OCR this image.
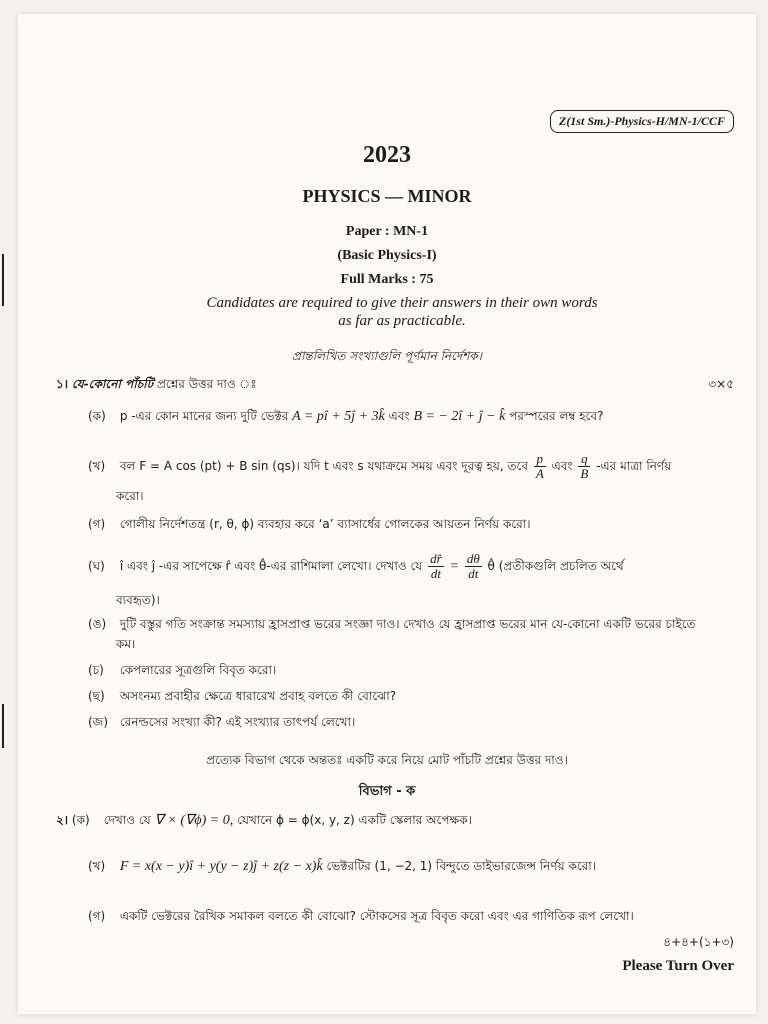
Z(1st Sm.)-Physics-H/MN-1/CCF
2023
PHYSICS — MINOR
Paper : MN-1
(Basic Physics-I)
Full Marks : 75
Candidates are required to give their answers in their own words
as far as practicable.
প্রান্তলিখিত সংখ্যাগুলি পূর্ণমান নির্দেশক।
১। যে-কোনো পাঁচটি প্রশ্নের উত্তর দাও ঃ	৩×৫
(ক) p -এর কোন মানের জন্য দুটি ভেক্টর A = pî + 5ĵ + 3k̂ এবং B = − 2î + ĵ − k̂ পরস্পরের লম্ব হবে?
(খ) বল F = A cos (pt) + B sin (qs)। যদি t এবং s যথাক্রমে সময় এবং দূরত্ব হয়, তবে $\frac{p}{A}$ এবং $\frac{q}{B}$ -এর মাত্রা নির্ণয়
করো।
(গ) গোলীয় নির্দেশতন্ত্র (r, θ, ϕ) ব্যবহার করে ‘a’ ব্যাসার্ধের গোলকের আয়তন নির্ণয় করো।
(ঘ) î এবং ĵ -এর সাপেক্ষে r̂ এবং θ̂-এর রাশিমালা লেখো। দেখাও যে $\frac{dr̂}{dt} = \frac{d\theta}{dt}$ θ̂ (প্রতীকগুলি প্রচলিত অর্থে
ব্যবহৃত)।
(ঙ) দুটি বস্তুর গতি সংক্রান্ত সমস্যায় হ্রাসপ্রাপ্ত ভরের সংজ্ঞা দাও। দেখাও যে হ্রাসপ্রাপ্ত ভরের মান যে-কোনো একটি ভরের চাইতে
কম।
(চ) কেপলারের সূত্রগুলি বিবৃত করো।
(ছ) অসংনম্য প্রবাহীর ক্ষেত্রে ধারারেখ প্রবাহ বলতে কী বোঝো?
(জ) রেনল্ডসের সংখ্যা কী? এই সংখ্যার তাৎপর্য লেখো।
প্রত্যেক বিভাগ থেকে অন্ততঃ একটি করে নিয়ে মোট পাঁচটি প্রশ্নের উত্তর দাও।
বিভাগ - ক
২। (ক) দেখাও যে ∇ × (∇ϕ) = 0, যেখানে ϕ = ϕ(x, y, z) একটি স্কেলার অপেক্ষক।
(খ) F = x(x − y)î + y(y − z)ĵ + z(z − x)k̂ ভেক্টরটির (1, −2, 1) বিন্দুতে ডাইভারজেন্স নির্ণয় করো।
(গ) একটি ভেক্টরের রৈখিক সমাকল বলতে কী বোঝো? স্টোকসের সূত্র বিবৃত করো এবং এর গাণিতিক রূপ লেখো।
৪+৪+(১+৩)
Please Turn Over
